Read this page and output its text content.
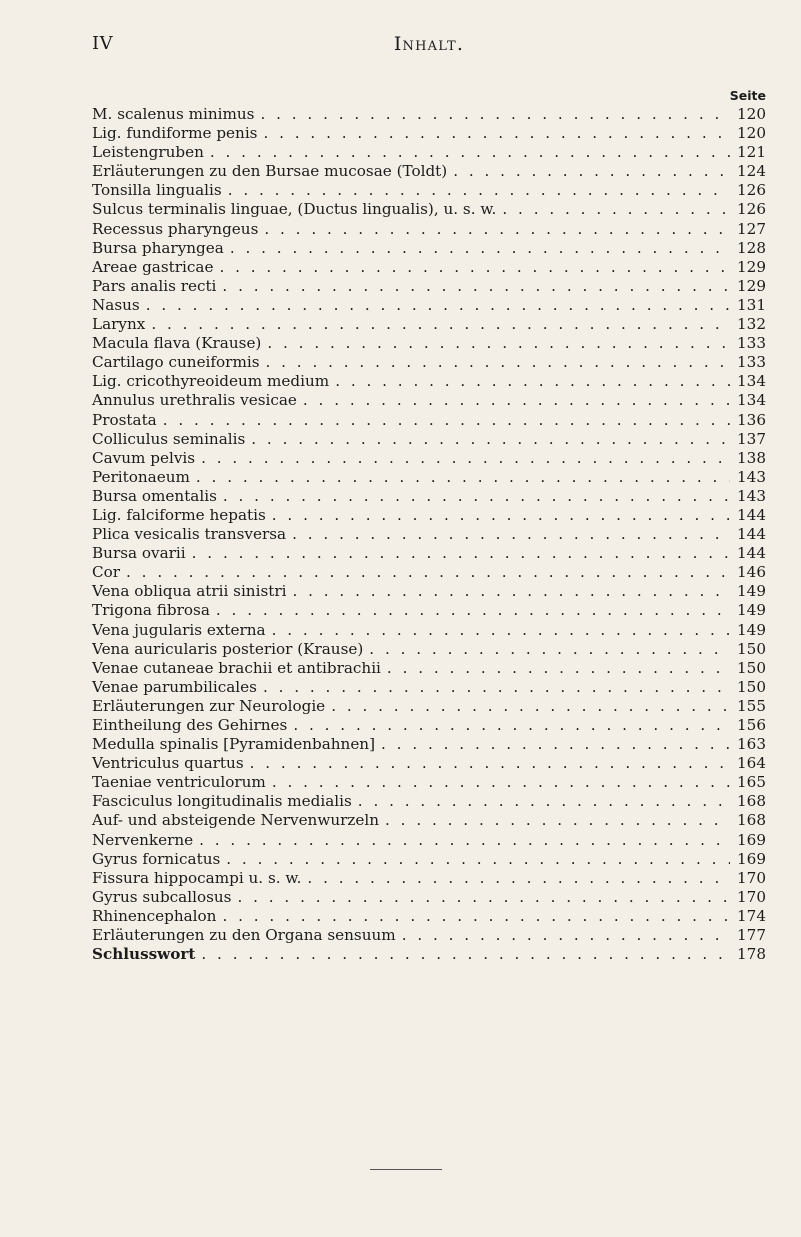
IV	Inhalt.
Seite
M. scalenus minimus . . .	120
Lig. fundiforme penis . . .	120
Leistengruben . . .	121
Erläuterungen zu den Bursae mucosae (Toldt) . . .	124
Tonsilla lingualis . . .	126
Sulcus terminalis linguae, (Ductus lingualis), u. s. w. . . .	126
Recessus pharyngeus . . .	127
Bursa pharyngea . . .	128
Areae gastricae . . .	129
Pars analis recti . . .	129
Nasus . . .	131
Larynx . . .	132
Macula flava (Krause) . . .	133
Cartilago cuneiformis . . .	133
Lig. cricothyreoideum medium . . .	134
Annulus urethralis vesicae . . .	134
Prostata . . .	136
Colliculus seminalis . . .	137
Cavum pelvis . . .	138
Peritonaeum . . .	143
Bursa omentalis . . .	143
Lig. falciforme hepatis . . .	144
Plica vesicalis transversa . . .	144
Bursa ovarii . . .	144
Cor . . .	146
Vena obliqua atrii sinistri . . .	149
Trigona fibrosa . . .	149
Vena jugularis externa . . .	149
Vena auricularis posterior (Krause) . . .	150
Venae cutaneae brachii et antibrachii . . .	150
Venae parumbilicales . . .	150
Erläuterungen zur Neurologie . . .	155
Eintheilung des Gehirnes . . .	156
Medulla spinalis [Pyramidenbahnen] . . .	163
Ventriculus quartus . . .	164
Taeniae ventriculorum . . .	165
Fasciculus longitudinalis medialis . . .	168
Auf- und absteigende Nervenwurzeln . . .	168
Nervenkerne . . .	169
Gyrus fornicatus . . .	169
Fissura hippocampi u. s. w. . . .	170
Gyrus subcallosus . . .	170
Rhinencephalon . . .	174
Erläuterungen zu den Organa sensuum . . .	177
Schlusswort . . .	178
